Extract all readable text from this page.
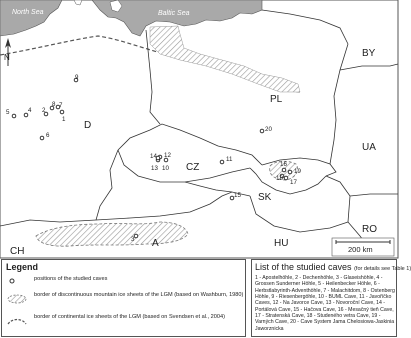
N
North Sea	Baltic Sea
BY
PL
D
UA
CZ
SK
A
CH
HU
RO
1
2
3
4
5
6
7
8
9
10
11
12
13
14
15
16
17
18
19
20
200 km
Legend
positions of the studied caves
border of discontinuous mountain ice sheets of the LGM (based on Washburn, 1980)
border of continental ice sheets of the LGM (based on Svendsen et al., 2004)
List of the studied caves (for details see Table 1)
1 - Apostelhöhle, 2 - Dechenhöhle, 3 - Glaseishöhle, 4 - Grossen Sunderner Höhle, 5 - Heilenbecker Höhle, 6 - Herbstlabyrinth-Adventhöhle, 7 - Malachitdom, 8 - Ostenberg Höhle, 9 - Riesenbergöhle, 10 - BUML Cave, 11 - Javoříčko Caves, 12 - Na Javorce Cave, 13 - Novoroční Cave, 14 - Portálová Cave, 15 - Hačova Cave, 16 - Mesačný tieň Cave, 17 - Stratenská Cave, 18 - Studeného vetra Cave, 19 - Varných Cave, 20 - Cave System Jama Chelosiowa-Jaskinia Jaworznicka
